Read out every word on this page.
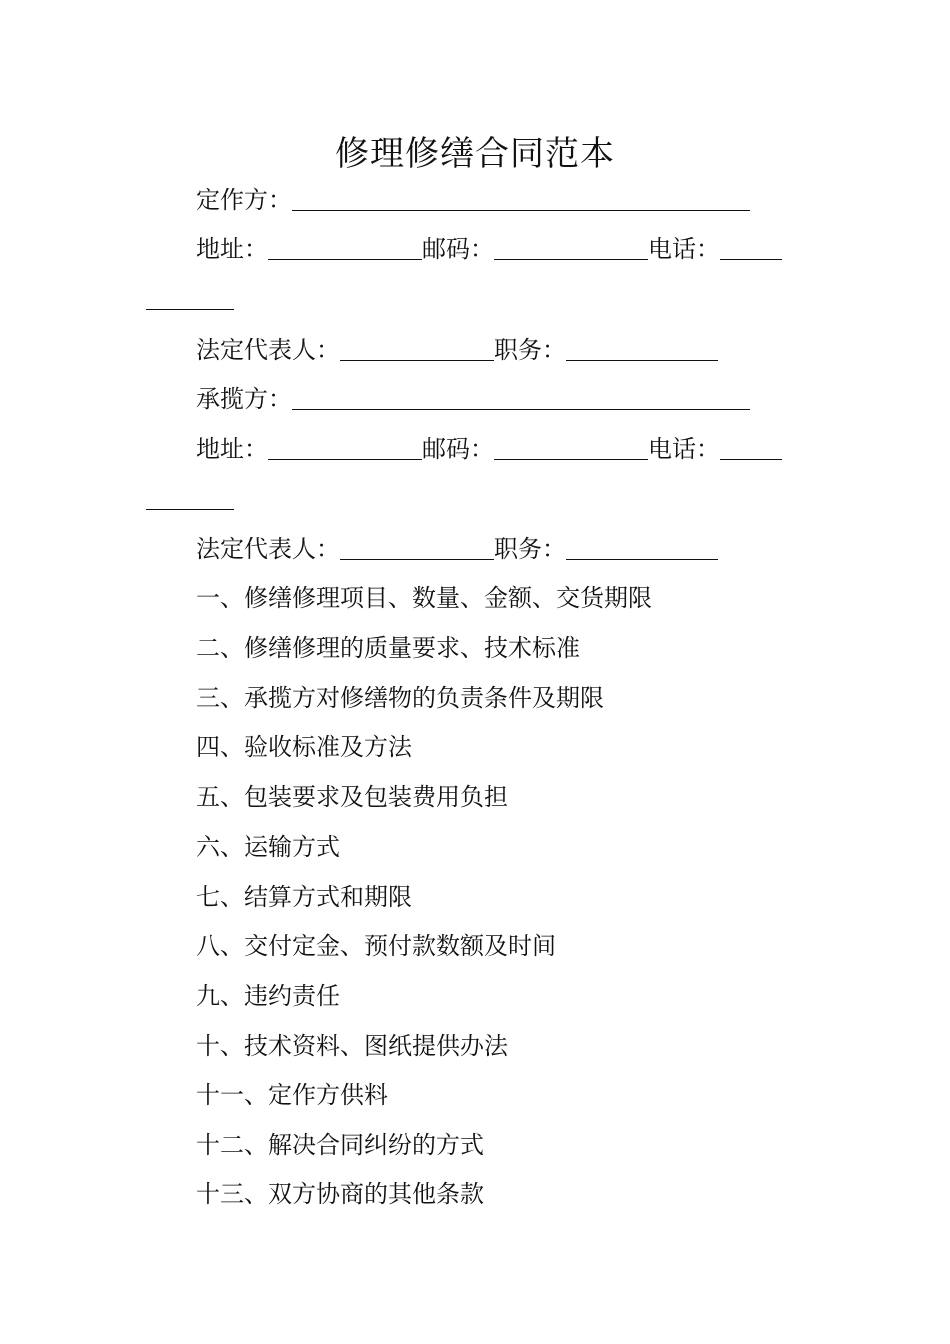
修理修缮合同范本
定作方：
地址：	邮码：	电话：
法定代表人：	职务：
承揽方：
地址：	邮码：	电话：
法定代表人：	职务：
一、修缮修理项目、数量、金额、交货期限
二、修缮修理的质量要求、技术标准
三、承揽方对修缮物的负责条件及期限
四、验收标准及方法
五、包装要求及包装费用负担
六、运输方式
七、结算方式和期限
八、交付定金、预付款数额及时间
九、违约责任
十、技术资料、图纸提供办法
十一、定作方供料
十二、解决合同纠纷的方式
十三、双方协商的其他条款
